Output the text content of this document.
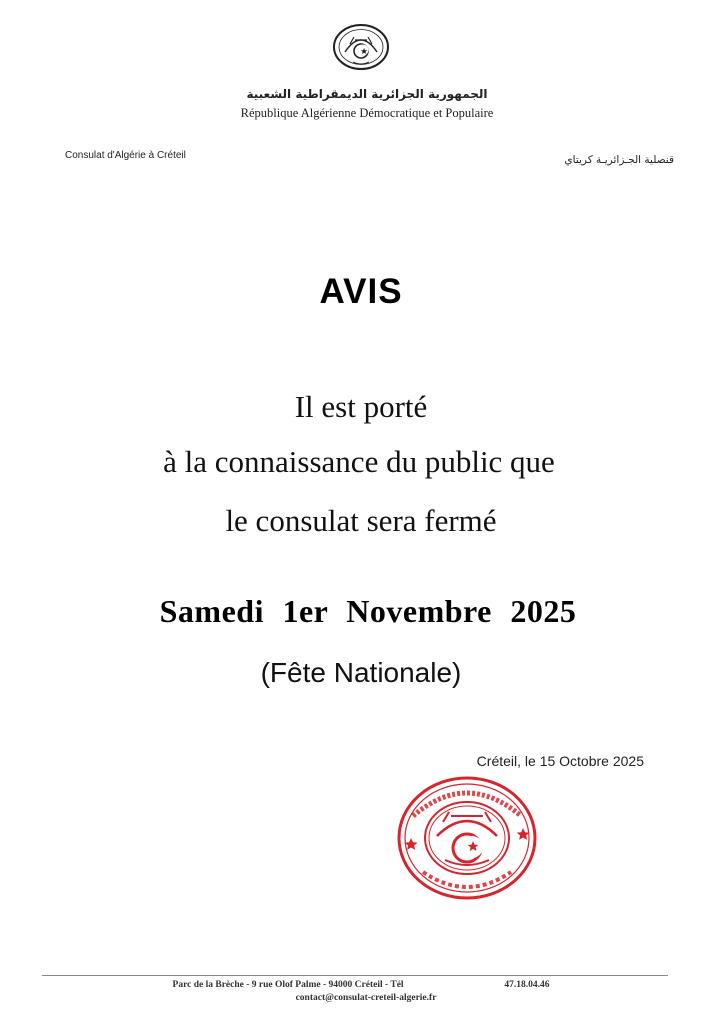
الجمهورية الجزائرية الديمقراطية الشعبية
République Algérienne Démocratique et Populaire
Consulat d'Algérie à Créteil	قنصلية الجـزائريـة كريتاي
AVIS
Il est porté
à la connaissance du public que
le consulat sera fermé
Samedi 1er Novembre 2025
(Fête Nationale)
Créteil, le 15 Octobre 2025
Parc de la Brèche - 9 rue Olof Palme - 94000 Créteil - Tél	47.18.04.46
contact@consulat-creteil-algerie.fr
